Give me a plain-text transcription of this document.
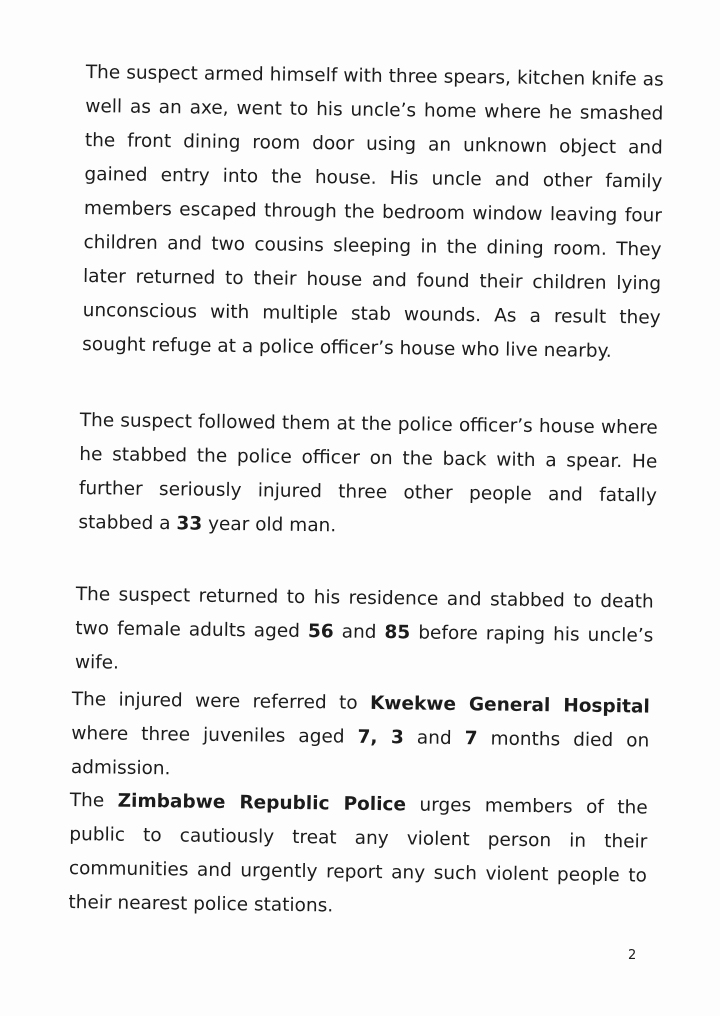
The suspect armed himself with three spears, kitchen knife as well as an axe, went to his uncle’s home where he smashed the front dining room door using an unknown object and gained entry into the house. His uncle and other family members escaped through the bedroom window leaving four children and two cousins sleeping in the dining room. They later returned to their house and found their children lying unconscious with multiple stab wounds. As a result they sought refuge at a police officer’s house who live nearby.

The suspect followed them at the police officer’s house where he stabbed the police officer on the back with a spear. He further seriously injured three other people and fatally stabbed a 33 year old man.

The suspect returned to his residence and stabbed to death two female adults aged 56 and 85 before raping his uncle’s wife.

The injured were referred to Kwekwe General Hospital where three juveniles aged 7, 3 and 7 months died on admission.

The Zimbabwe Republic Police urges members of the public to cautiously treat any violent person in their communities and urgently report any such violent people to their nearest police stations.

2
